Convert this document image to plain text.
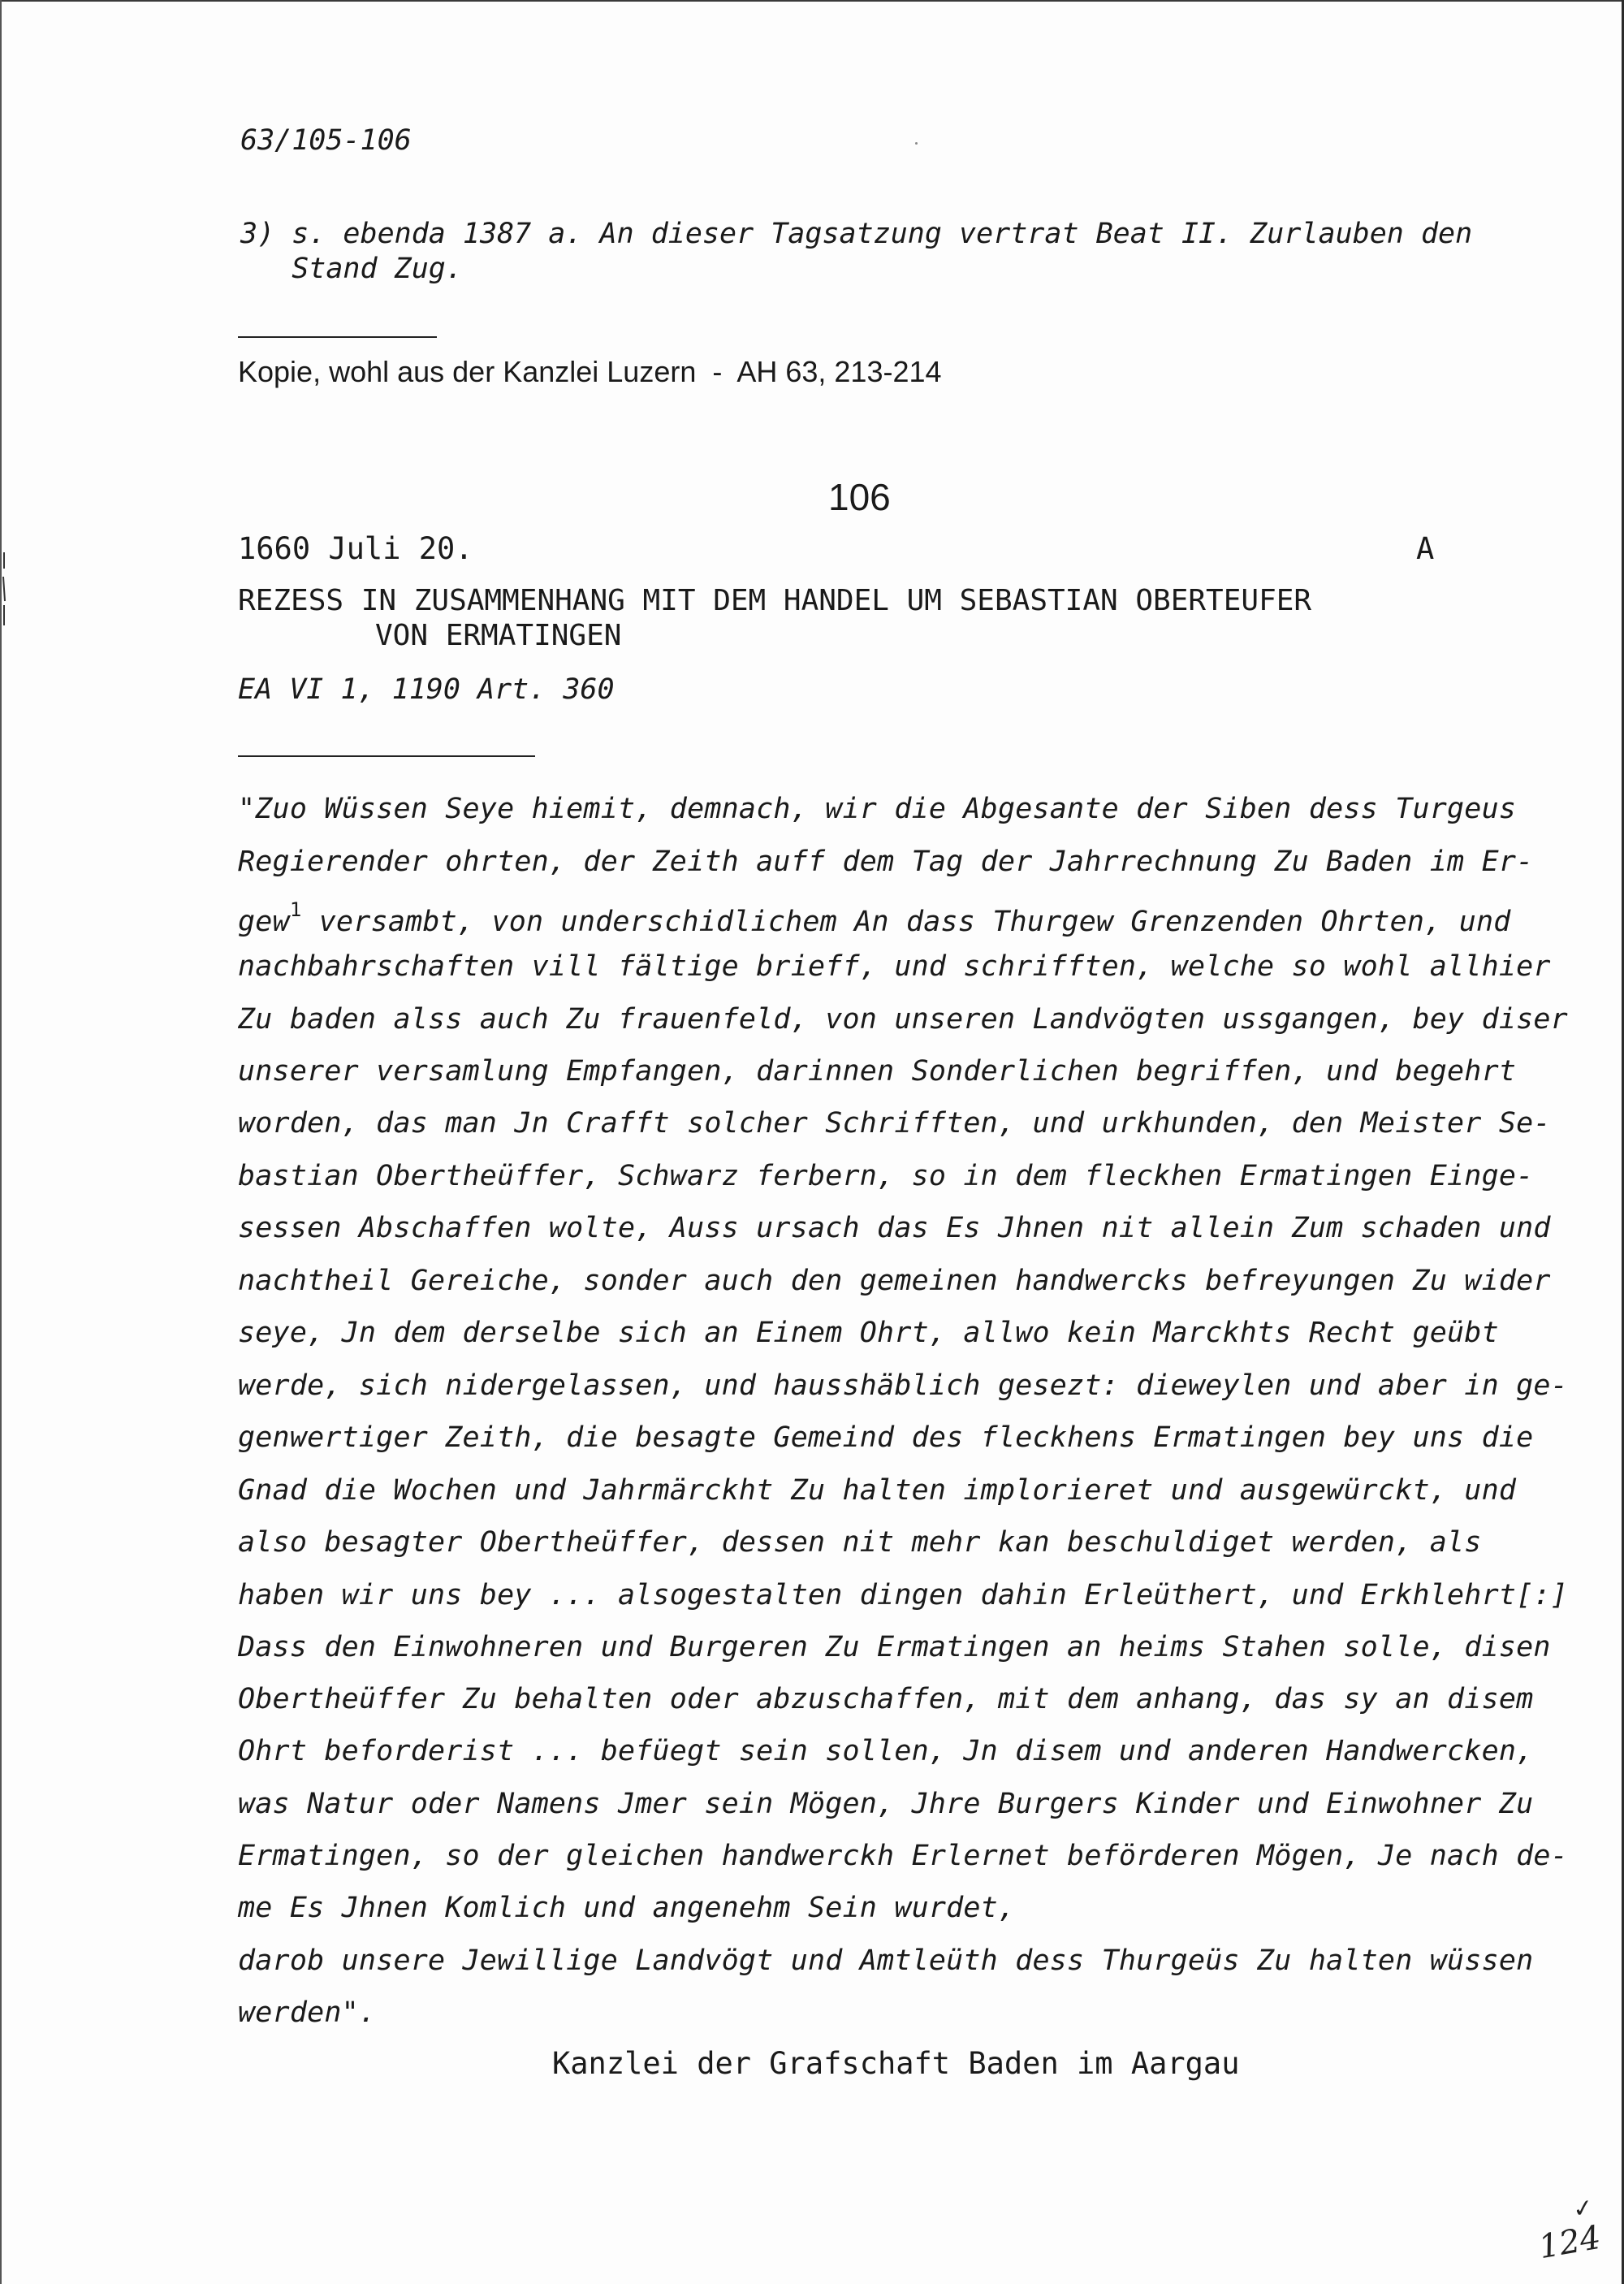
63/105-106
3) s. ebenda 1387 a. An dieser Tagsatzung vertrat Beat II. Zurlauben den
Stand Zug.
Kopie, wohl aus der Kanzlei Luzern  -  AH 63, 213-214
106
1660 Juli 20.	A
REZESS IN ZUSAMMENHANG MIT DEM HANDEL UM SEBASTIAN OBERTEUFER
VON ERMATINGEN
EA VI 1, 1190 Art. 360
"Zuo Wüssen Seye hiemit, demnach, wir die Abgesante der Siben dess Turgeus
Regierender ohrten, der Zeith auff dem Tag der Jahrrechnung Zu Baden im Er-
gew$^1$ versambt, von underschidlichem An dass Thurgew Grenzenden Ohrten, und
nachbahrschaften vill fältige brieff, und schrifften, welche so wohl allhier
Zu baden alss auch Zu frauenfeld, von unseren Landvögten ussgangen, bey diser
unserer versamlung Empfangen, darinnen Sonderlichen begriffen, und begehrt
worden, das man Jn Crafft solcher Schrifften, und urkhunden, den Meister Se-
bastian Obertheüffer, Schwarz ferbern, so in dem fleckhen Ermatingen Einge-
sessen Abschaffen wolte, Auss ursach das Es Jhnen nit allein Zum schaden und
nachtheil Gereiche, sonder auch den gemeinen handwercks befreyungen Zu wider
seye, Jn dem derselbe sich an Einem Ohrt, allwo kein Marckhts Recht geübt
werde, sich nidergelassen, und hausshäblich gesezt: dieweylen und aber in ge-
genwertiger Zeith, die besagte Gemeind des fleckhens Ermatingen bey uns die
Gnad die Wochen und Jahrmärckht Zu halten implorieret und ausgewürckt, und
also besagter Obertheüffer, dessen nit mehr kan beschuldiget werden, als
haben wir uns bey ... alsogestalten dingen dahin Erleüthert, und Erkhlehrt[:]
Dass den Einwohneren und Burgeren Zu Ermatingen an heims Stahen solle, disen
Obertheüffer Zu behalten oder abzuschaffen, mit dem anhang, das sy an disem
Ohrt beforderist ... befüegt sein sollen, Jn disem und anderen Handwercken,
was Natur oder Namens Jmer sein Mögen, Jhre Burgers Kinder und Einwohner Zu
Ermatingen, so der gleichen handwerckh Erlernet beförderen Mögen, Je nach de-
me Es Jhnen Komlich und angenehm Sein wurdet,
darob unsere Jewillige Landvögt und Amtleüth dess Thurgeüs Zu halten wüssen
werden".
Kanzlei der Grafschaft Baden im Aargau
✓
124
